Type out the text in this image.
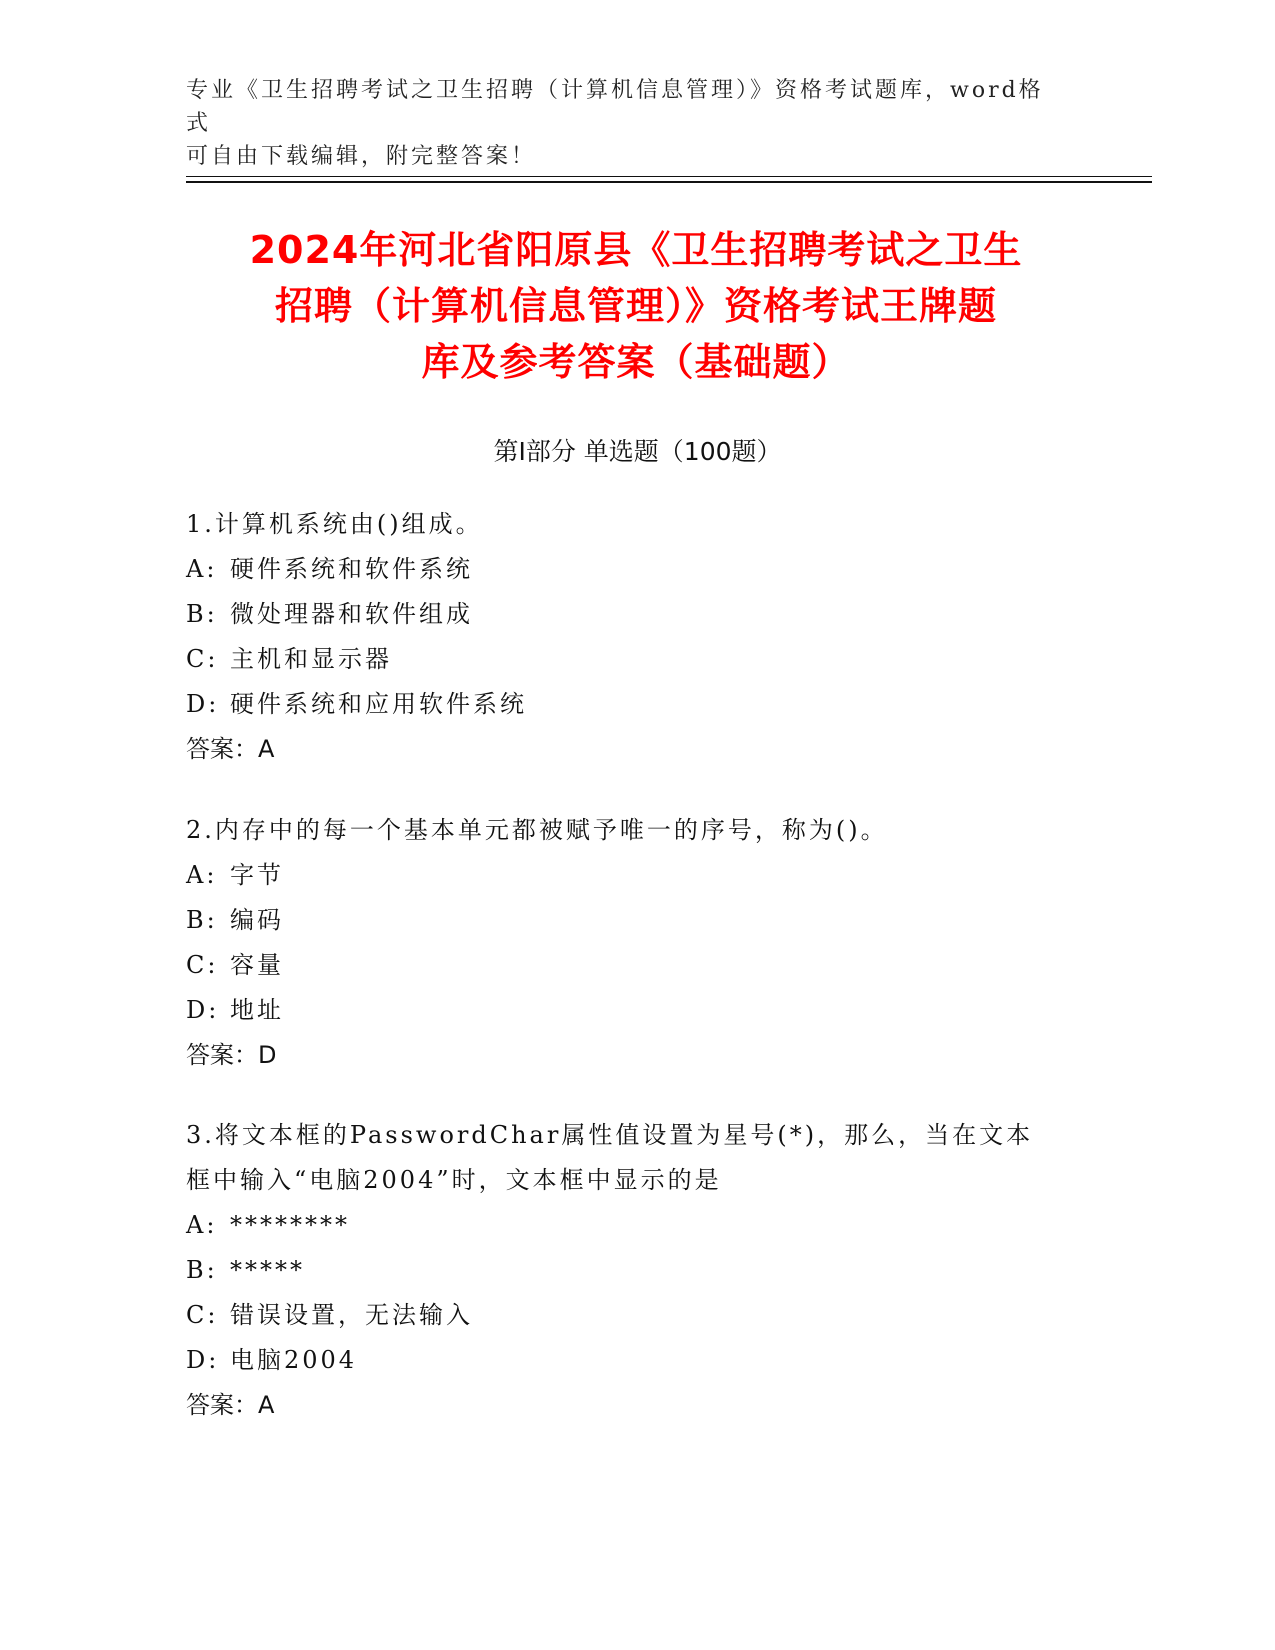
专业《卫生招聘考试之卫生招聘（计算机信息管理）》资格考试题库，word格式
可自由下载编辑，附完整答案！
2024年河北省阳原县《卫生招聘考试之卫生
招聘（计算机信息管理）》资格考试王牌题
库及参考答案（基础题）
第Ⅰ部分 单选题（100题）
1.计算机系统由()组成。
A: 硬件系统和软件系统
B: 微处理器和软件组成
C: 主机和显示器
D: 硬件系统和应用软件系统
答案：A
2.内存中的每一个基本单元都被赋予唯一的序号，称为()。
A: 字节
B: 编码
C: 容量
D: 地址
答案：D
3.将文本框的PasswordChar属性值设置为星号(*)，那么，当在文本
框中输入“电脑2004”时，文本框中显示的是
A: ********
B: *****
C: 错误设置，无法输入
D: 电脑2004
答案：A
